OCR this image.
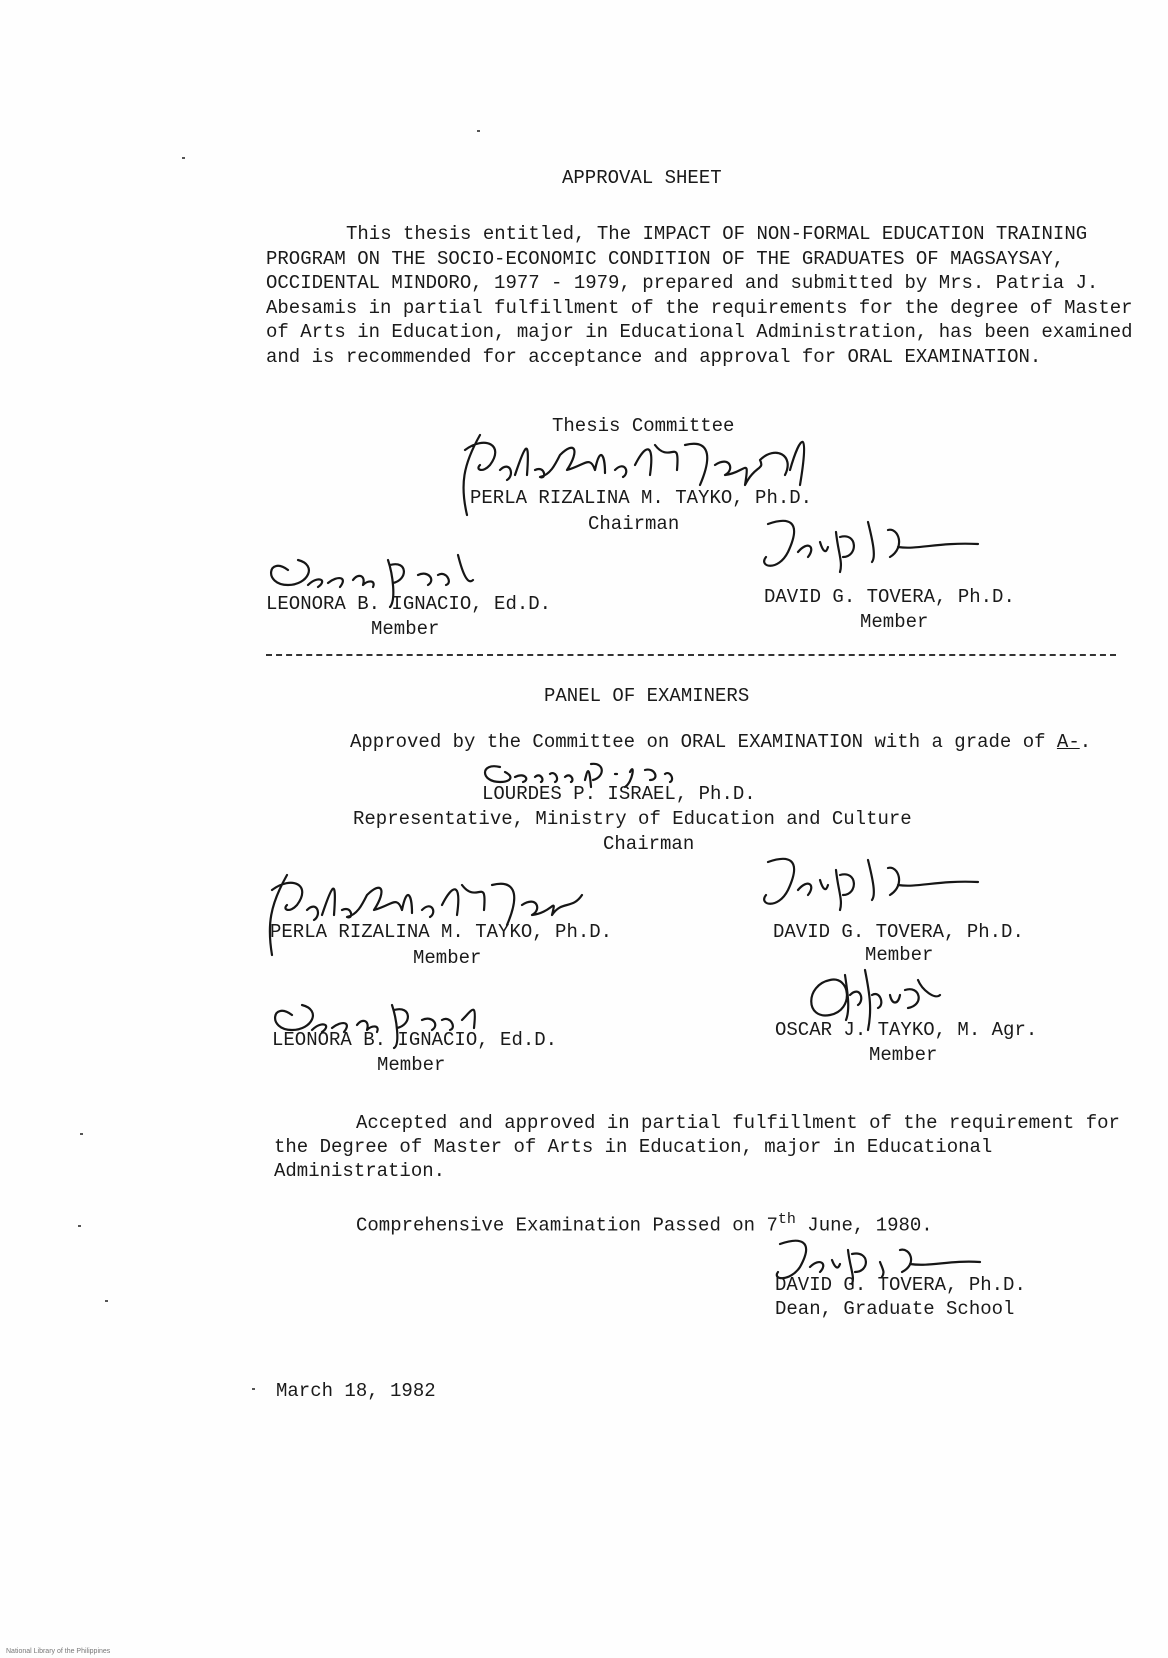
APPROVAL SHEET
This thesis entitled, The IMPACT OF NON-FORMAL EDUCATION TRAINING PROGRAM ON THE SOCIO-ECONOMIC CONDITION OF THE GRADUATES OF MAGSAYSAY, OCCIDENTAL MINDORO, 1977 - 1979, prepared and submitted by Mrs. Patria J. Abesamis in partial fulfillment of the requirements for the degree of Master of Arts in Education, major in Educational Administration, has been examined and is recommended for acceptance and approval for ORAL EXAMINATION.
Thesis Committee
PERLA RIZALINA M. TAYKO, Ph.D.
Chairman
LEONORA B. IGNACIO, Ed.D.
Member
DAVID G. TOVERA, Ph.D.
Member
PANEL OF EXAMINERS
Approved by the Committee on ORAL EXAMINATION with a grade of A-.
LOURDES P. ISRAEL, Ph.D.
Representative, Ministry of Education and Culture
Chairman
PERLA RIZALINA M. TAYKO, Ph.D.
Member
DAVID G. TOVERA, Ph.D.
Member
LEONORA B. IGNACIO, Ed.D.
Member
OSCAR J. TAYKO, M. Agr.
Member
Accepted and approved in partial fulfillment of the requirement for the Degree of Master of Arts in Education, major in Educational Administration.
Comprehensive Examination Passed on 7th June, 1980.
DAVID G. TOVERA, Ph.D.
Dean, Graduate School
March 18, 1982
National Library of the Philippines
